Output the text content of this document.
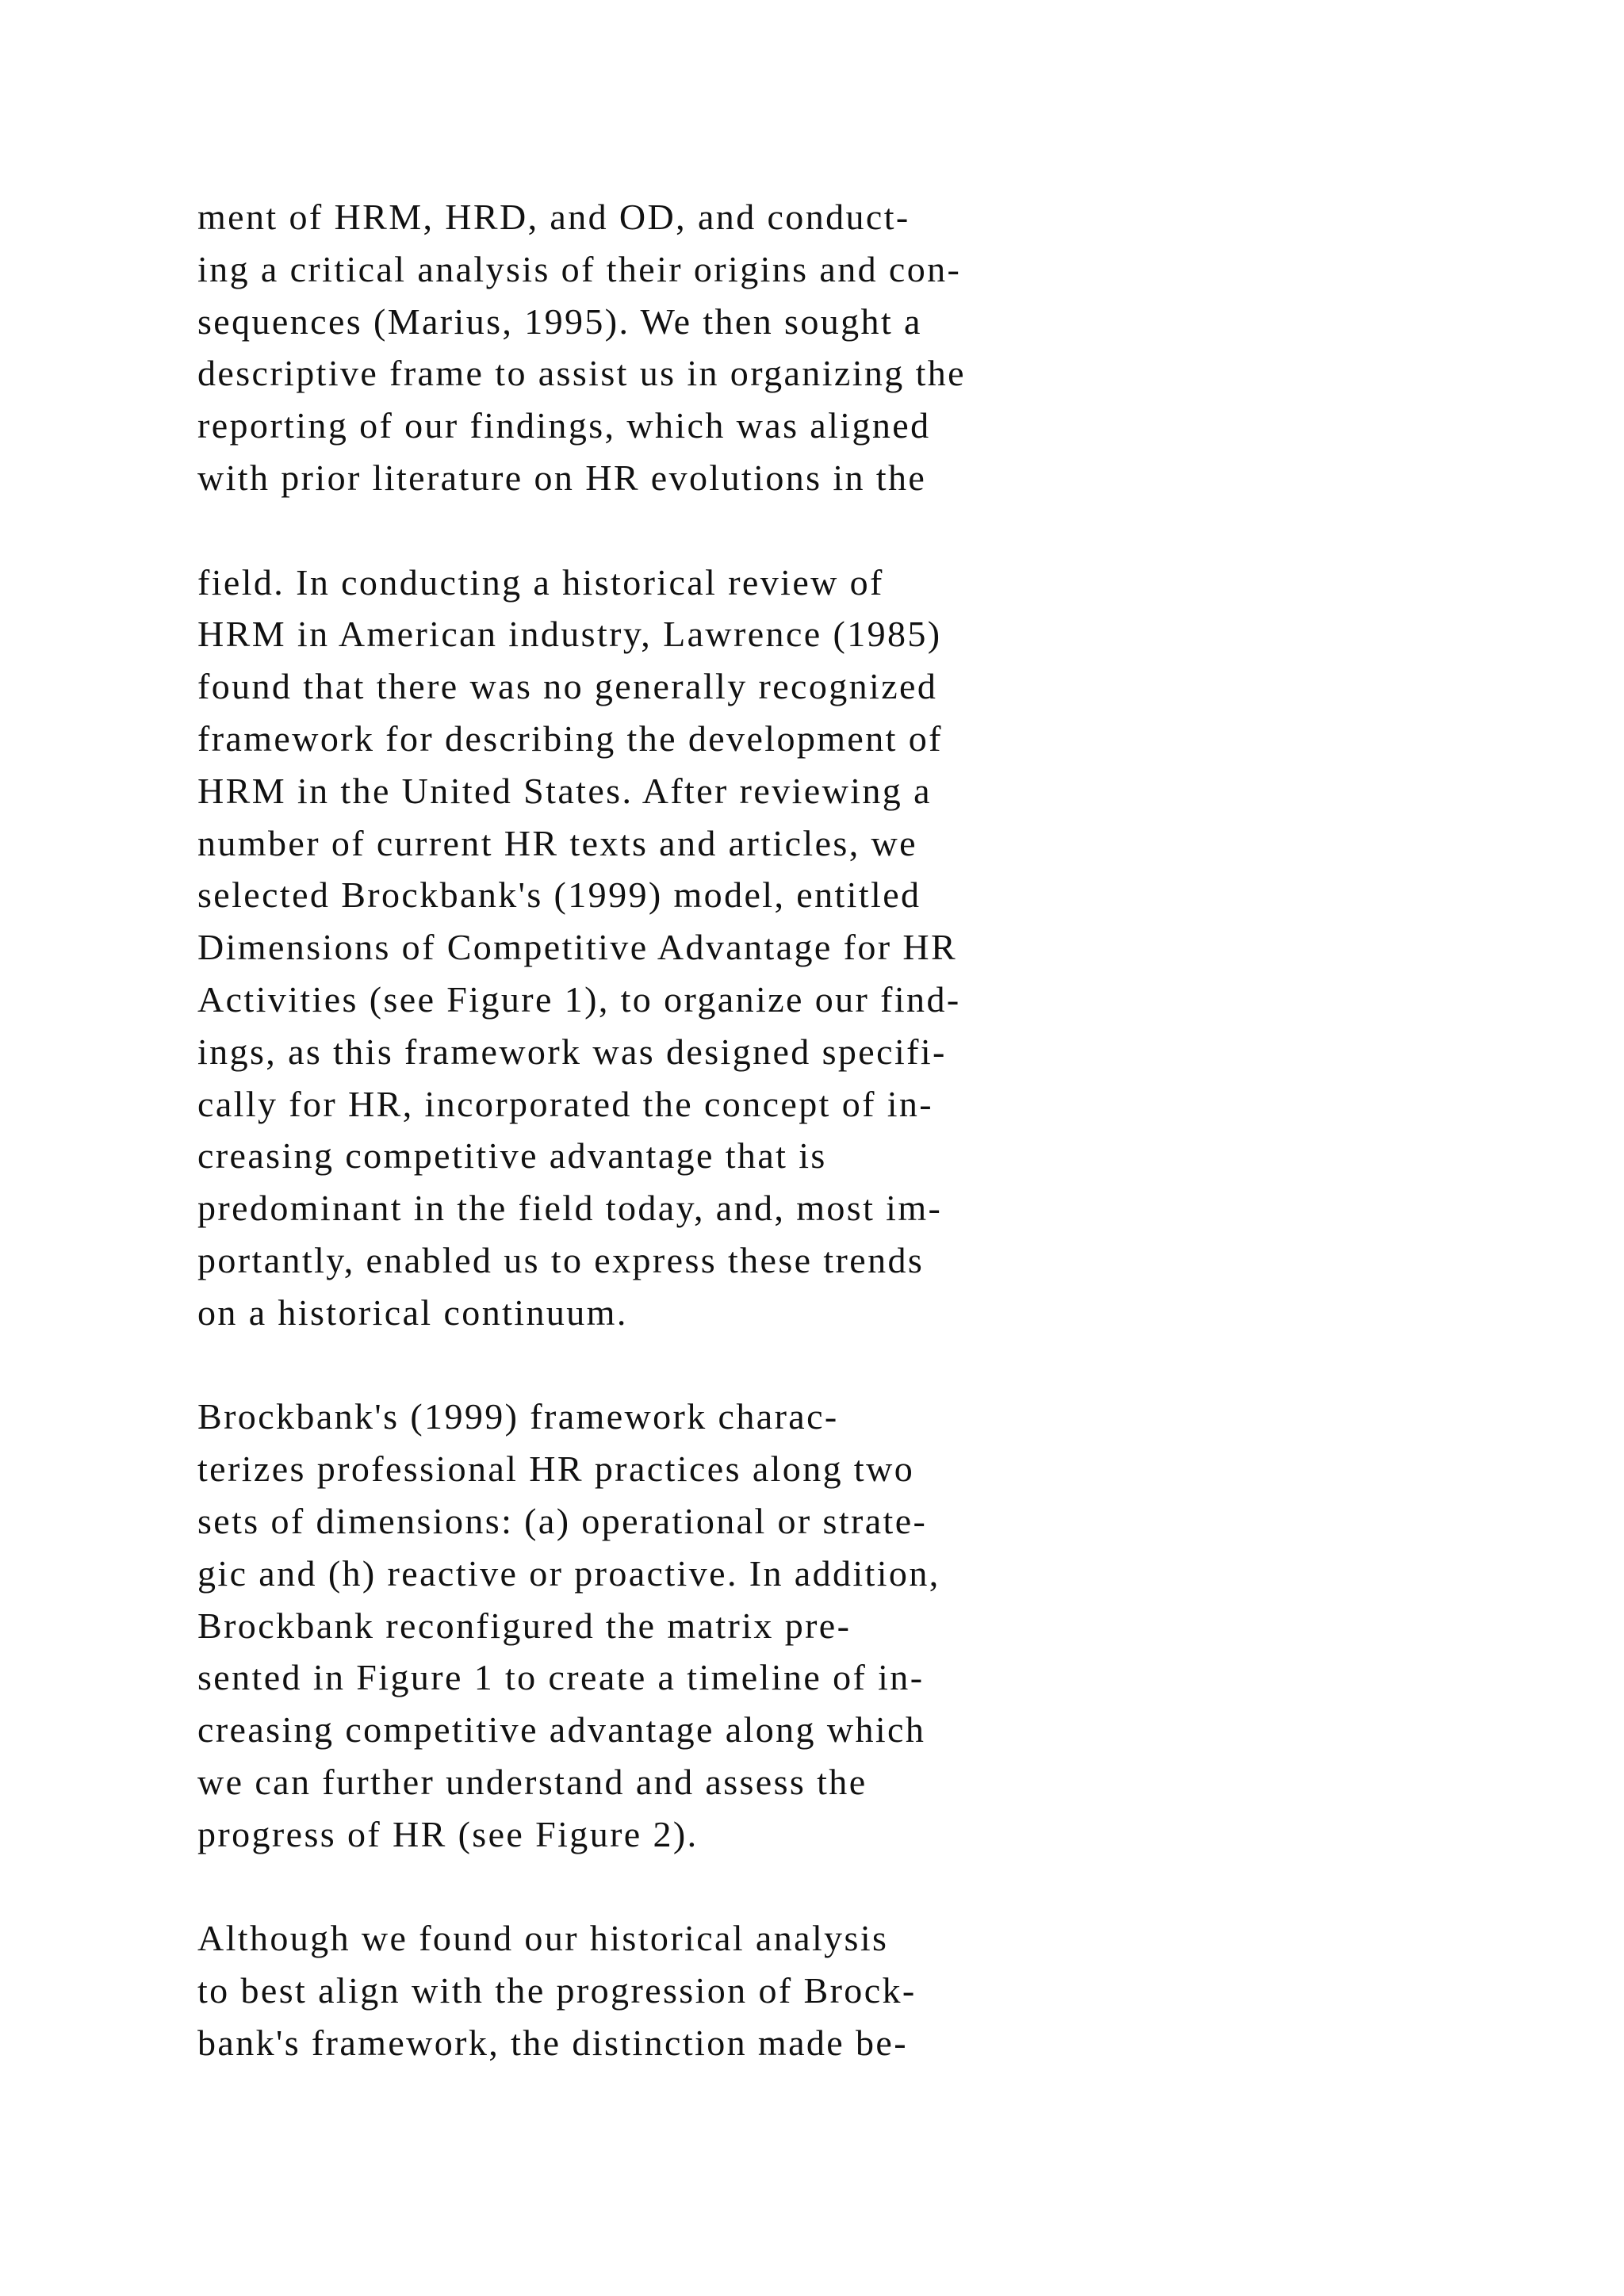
ment of HRM, HRD, and OD, and conduct-
ing a critical analysis of their origins and con-
sequences (Marius, 1995). We then sought a
descriptive frame to assist us in organizing the
reporting of our findings, which was aligned
with prior literature on HR evolutions in the

field. In conducting a historical review of
HRM in American industry, Lawrence (1985)
found that there was no generally recognized
framework for describing the development of
HRM in the United States. After reviewing a
number of current HR texts and articles, we
selected Brockbank's (1999) model, entitled
Dimensions of Competitive Advantage for HR
Activities (see Figure 1), to organize our find-
ings, as this framework was designed specifi-
cally for HR, incorporated the concept of in-
creasing competitive advantage that is
predominant in the field today, and, most im-
portantly, enabled us to express these trends
on a historical continuum.

Brockbank's (1999) framework charac-
terizes professional HR practices along two
sets of dimensions: (a) operational or strate-
gic and (h) reactive or proactive. In addition,
Brockbank reconfigured the matrix pre-
sented in Figure 1 to create a timeline of in-
creasing competitive advantage along which
we can further understand and assess the
progress of HR (see Figure 2).

Although we found our historical analysis
to best align with the progression of Brock-
bank's framework, the distinction made be-
